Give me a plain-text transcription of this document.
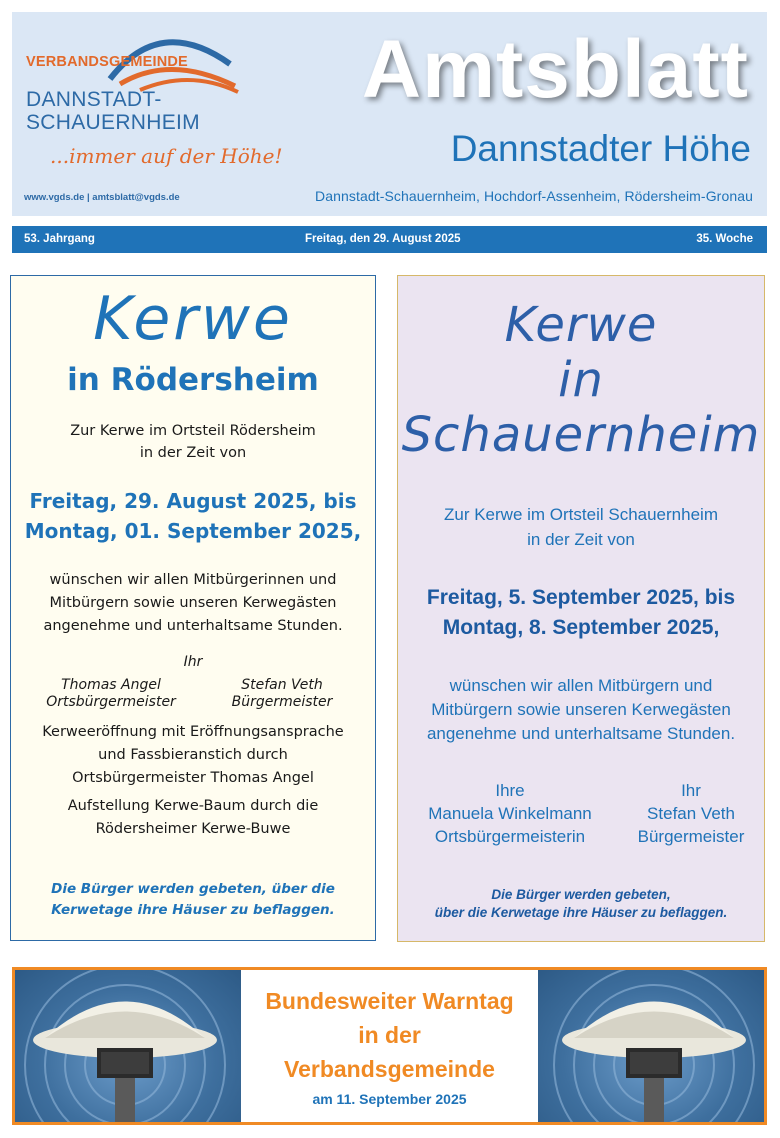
VERBANDSGEMEINDE
DANNSTADT-
SCHAUERNHEIM
...immer auf der Höhe!
www.vgds.de | amtsblatt@vgds.de
Amtsblatt
Dannstadter Höhe
Dannstadt-Schauernheim, Hochdorf-Assenheim, Rödersheim-Gronau
53. Jahrgang	Freitag, den 29. August 2025	35. Woche
Kerwe
in Rödersheim
Zur Kerwe im Ortsteil Rödersheim
in der Zeit von
Freitag, 29. August 2025, bis
Montag, 01. September 2025,
wünschen wir allen Mitbürgerinnen und
Mitbürgern sowie unseren Kerwegästen
angenehme und unterhaltsame Stunden.
Ihr
Thomas Angel
Ortsbürgermeister
Stefan Veth
Bürgermeister
Kerweeröffnung mit Eröffnungsansprache
und Fassbieranstich durch
Ortsbürgermeister Thomas Angel
Aufstellung Kerwe-Baum durch die
Rödersheimer Kerwe-Buwe
Die Bürger werden gebeten, über die
Kerwetage ihre Häuser zu beflaggen.
Kerwe
in
Schauernheim
Zur Kerwe im Ortsteil Schauernheim
in der Zeit von
Freitag, 5. September 2025, bis
Montag, 8. September 2025,
wünschen wir allen Mitbürgern und
Mitbürgern sowie unseren Kerwegästen
angenehme und unterhaltsame Stunden.
Ihre
Manuela Winkelmann
Ortsbürgermeisterin
Ihr
Stefan Veth
Bürgermeister
Die Bürger werden gebeten,
über die Kerwetage ihre Häuser zu beflaggen.
Bundesweiter Warntag
in der
Verbandsgemeinde
am 11. September 2025
